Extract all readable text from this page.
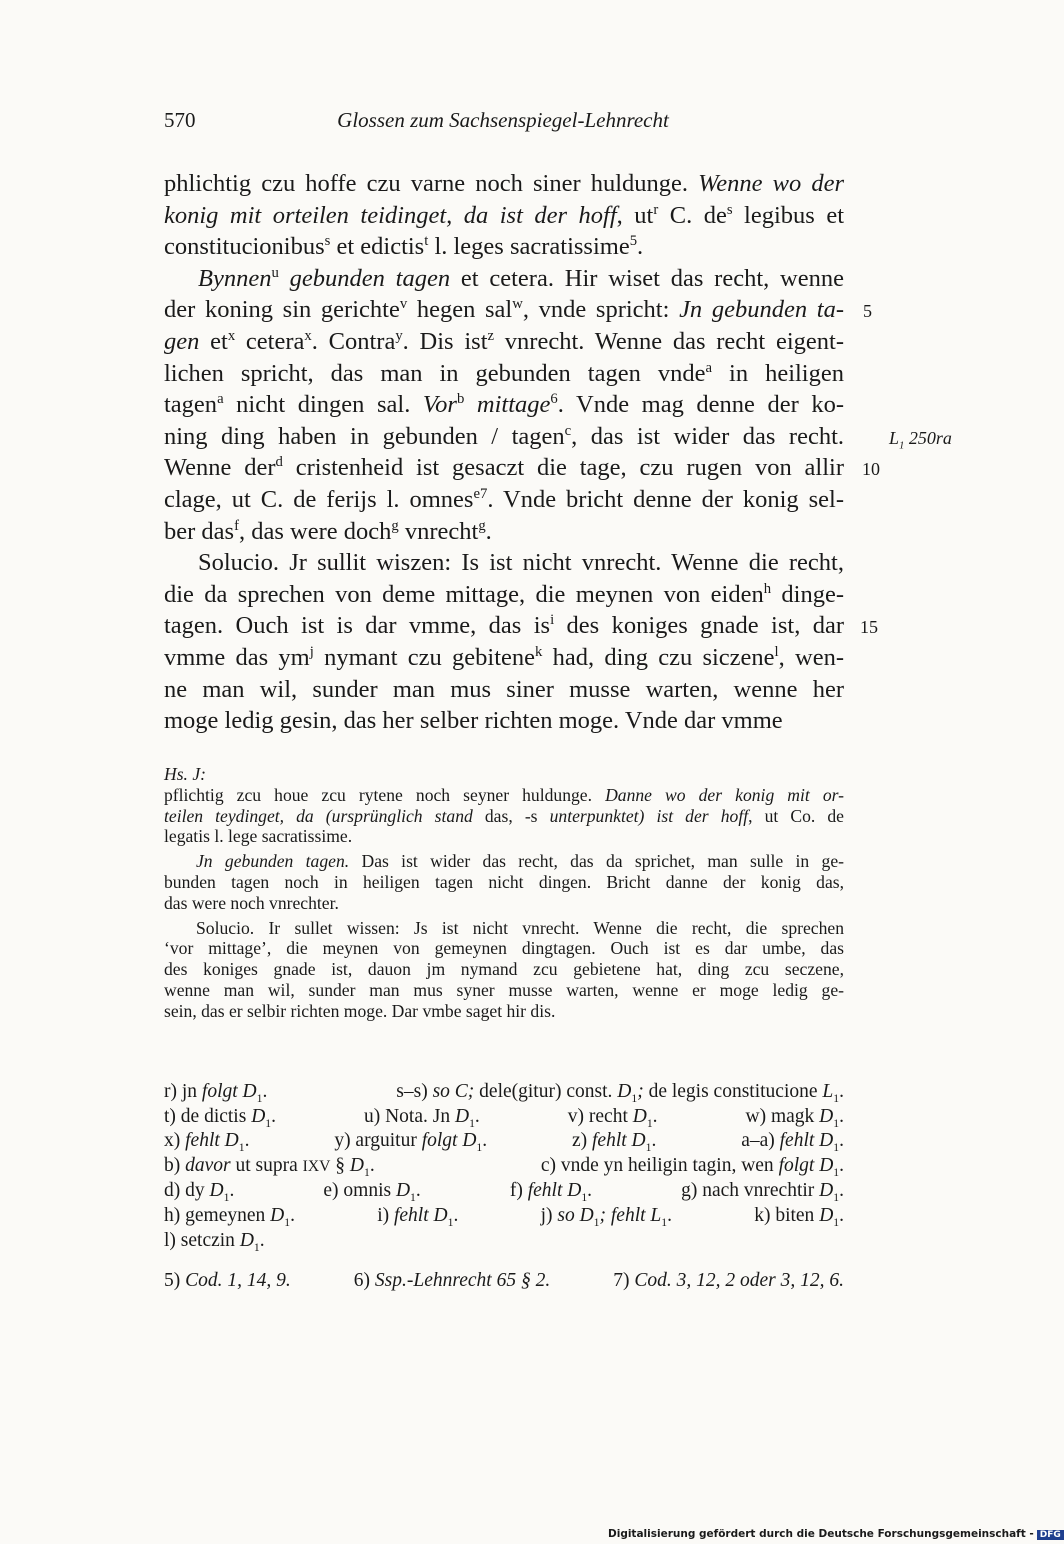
570	Glossen zum Sachsenspiegel-Lehnrecht

phlichtig czu hoffe czu varne noch siner huldunge. Wenne wo der

konig mit orteilen teidinget, da ist der hoff, $ut^r$ C. $de^s$ legibus et

constitucionibus$^s$ et edictis$^t$ l. leges sacratissime$^5$.

Bynnen$^u$ gebunden tagen et cetera. Hir wiset das recht, wenne

der koning sin gerichte$^v$ hegen sal$^w$, vnde spricht: Jn gebunden ta-

gen $et^x$ cetera$^x$. Contra$^y$. Dis ist$^z$ vnrecht. Wenne das recht eigent-

lichen spricht, das man in gebunden tagen vnde$^a$ in heiligen

tagen$^a$ nicht dingen sal. Vor$^b$ mittage$^6$. Vnde mag denne der ko-

ning ding haben in gebunden / tagen$^c$, das ist wider das recht.

Wenne der$^d$ cristenheid ist gesaczt die tage, czu rugen von allir

clage, ut C. de ferijs l. omnes$^{e7}$. Vnde bricht denne der konig sel-

ber das$^f$, das were doch$^g$ vnrecht$^g$.

Solucio. Jr sullit wiszen: Is ist nicht vnrecht. Wenne die recht,

die da sprechen von deme mittage, die meynen von eiden$^h$ dinge-

tagen. Ouch ist is dar vmme, das $is^i$ des koniges gnade ist, dar

vmme das $ym^j$ nymant czu gebitene$^k$ had, ding czu siczene$^l$, wen-

ne man wil, sunder man mus siner musse warten, wenne her

moge ledig gesin, das her selber richten moge. Vnde dar vmme

5
10
15
$L_1$ 250ra
Hs. J:

pflichtig zcu houe zcu rytene noch seyner huldunge. Danne wo der konig mit or-

teilen teydinget, da (ursprünglich stand das, -s unterpunktet) ist der hoff, ut Co. de

legatis l. lege sacratissime.

Jn gebunden tagen. Das ist wider das recht, das da sprichet, man sulle in ge-

bunden tagen noch in heiligen tagen nicht dingen. Bricht danne der konig das,

das were noch vnrechter.

Solucio. Ir sullet wissen: Js ist nicht vnrecht. Wenne die recht, die sprechen

‘vor mittage’, die meynen von gemeynen dingtagen. Ouch ist es dar umbe, das

des koniges gnade ist, dauon jm nymand zcu gebietene hat, ding zcu seczene,

wenne man wil, sunder man mus syner musse warten, wenne er moge ledig ge-

sein, das er selbir richten moge. Dar vmbe saget hir dis.

r) jn folgt $D_1$.	s–s) so C; dele(gitur) const. $D_1$; de legis constitucione $L_1$.
t) de dictis $D_1$.	u) Nota. Jn $D_1$.	v) recht $D_1$.	w) magk $D_1$.
x) fehlt $D_1$.	y) arguitur folgt $D_1$.	z) fehlt $D_1$.	a–a) fehlt $D_1$.
b) davor ut supra IXV § $D_1$.	c) vnde yn heiligin tagin, wen folgt $D_1$.
d) dy $D_1$.	e) omnis $D_1$.	f) fehlt $D_1$.	g) nach vnrechtir $D_1$.
h) gemeynen $D_1$.	i) fehlt $D_1$.	j) so $D_1$; fehlt $L_1$.	k) biten $D_1$.
l) setczin $D_1$.
5) Cod. 1, 14, 9.	6) Ssp.-Lehnrecht 65 § 2.	7) Cod. 3, 12, 2 oder 3, 12, 6.
Digitalisierung gefördert durch die Deutsche Forschungsgemeinschaft - DFG
